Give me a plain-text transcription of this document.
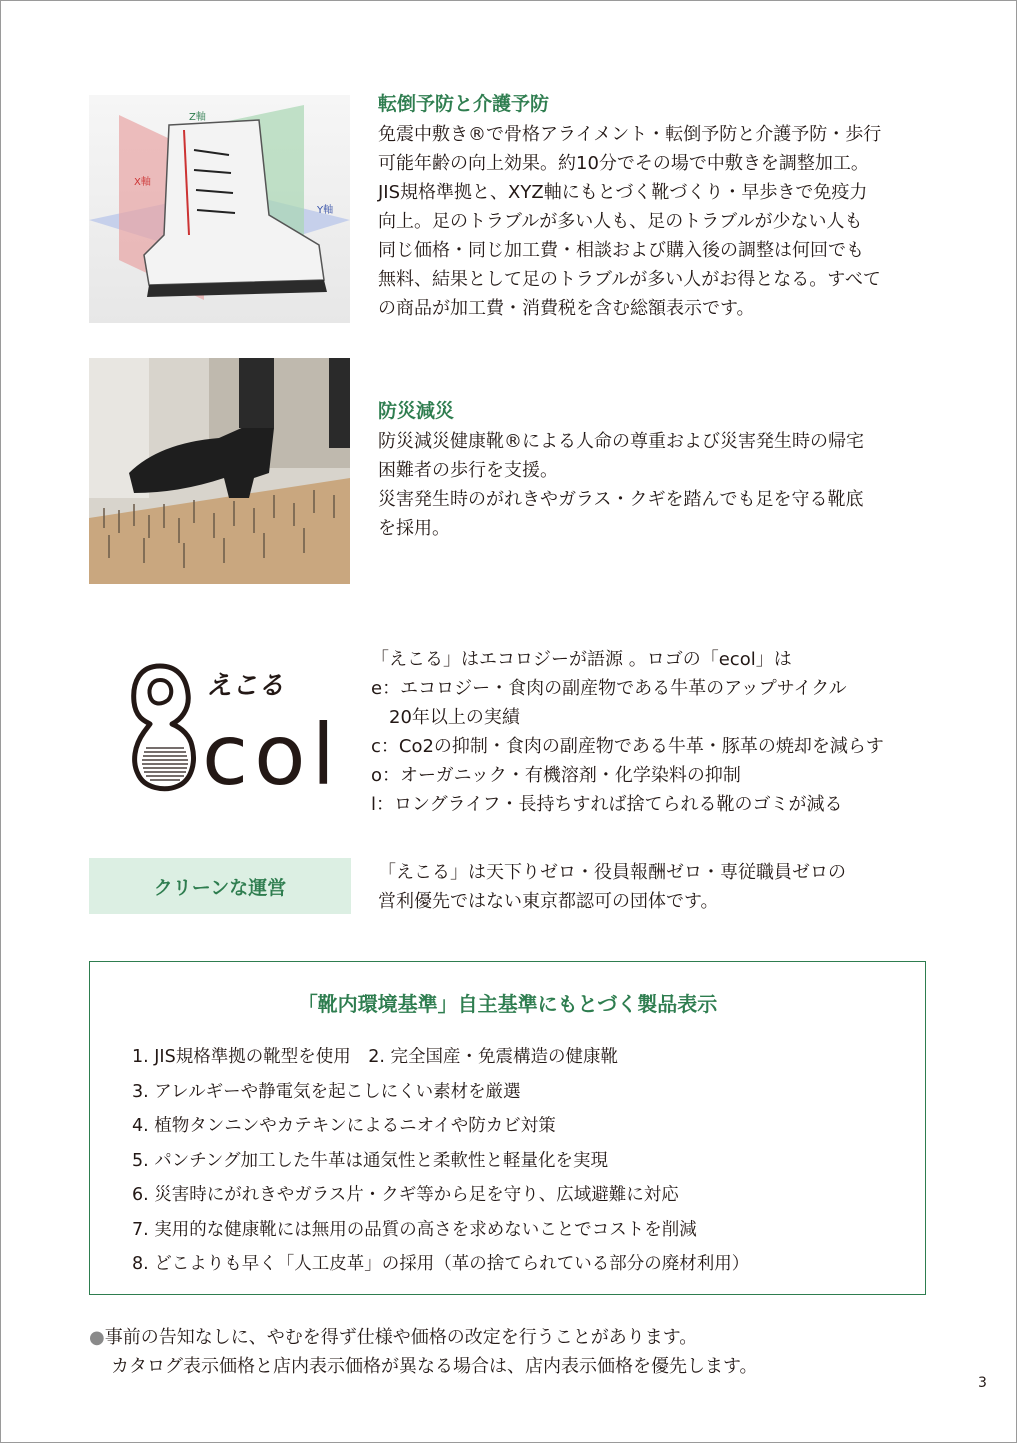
X軸
Z軸
Y軸
転倒予防と介護予防
免震中敷き®で骨格アライメント・転倒予防と介護予防・歩行
可能年齢の向上効果。約10分でその場で中敷きを調整加工。
JIS規格準拠と、XYZ軸にもとづく靴づくり・早歩きで免疫力
向上。足のトラブルが多い人も、足のトラブルが少ない人も
同じ価格・同じ加工費・相談および購入後の調整は何回でも
無料、結果として足のトラブルが多い人がお得となる。すべて
の商品が加工費・消費税を含む総額表示です。
防災減災
防災減災健康靴®による人命の尊重および災害発生時の帰宅
困難者の歩行を支援。
災害発生時のがれきやガラス・クギを踏んでも足を守る靴底
を採用。
えこる
col
「えこる」はエコロジーが語源 。ロゴの「ecol」は
e：エコロジー・食肉の副産物である牛革のアップサイクル
　20年以上の実績
c：Co2の抑制・食肉の副産物である牛革・豚革の焼却を減らす
o：オーガニック・有機溶剤・化学染料の抑制
l：ロングライフ・長持ちすれば捨てられる靴のゴミが減る
クリーンな運営
「えこる」は天下りゼロ・役員報酬ゼロ・専従職員ゼロの
営利優先ではない東京都認可の団体です。
「靴内環境基準」自主基準にもとづく製品表示
1. JIS規格準拠の靴型を使用　2. 完全国産・免震構造の健康靴
3. アレルギーや静電気を起こしにくい素材を厳選
4. 植物タンニンやカテキンによるニオイや防カビ対策
5. パンチング加工した牛革は通気性と柔軟性と軽量化を実現
6. 災害時にがれきやガラス片・クギ等から足を守り、広域避難に対応
7. 実用的な健康靴には無用の品質の高さを求めないことでコストを削減
8. どこよりも早く「人工皮革」の採用（革の捨てられている部分の廃材利用）
●事前の告知なしに、やむを得ず仕様や価格の改定を行うことがあります。
カタログ表示価格と店内表示価格が異なる場合は、店内表示価格を優先します。
3
